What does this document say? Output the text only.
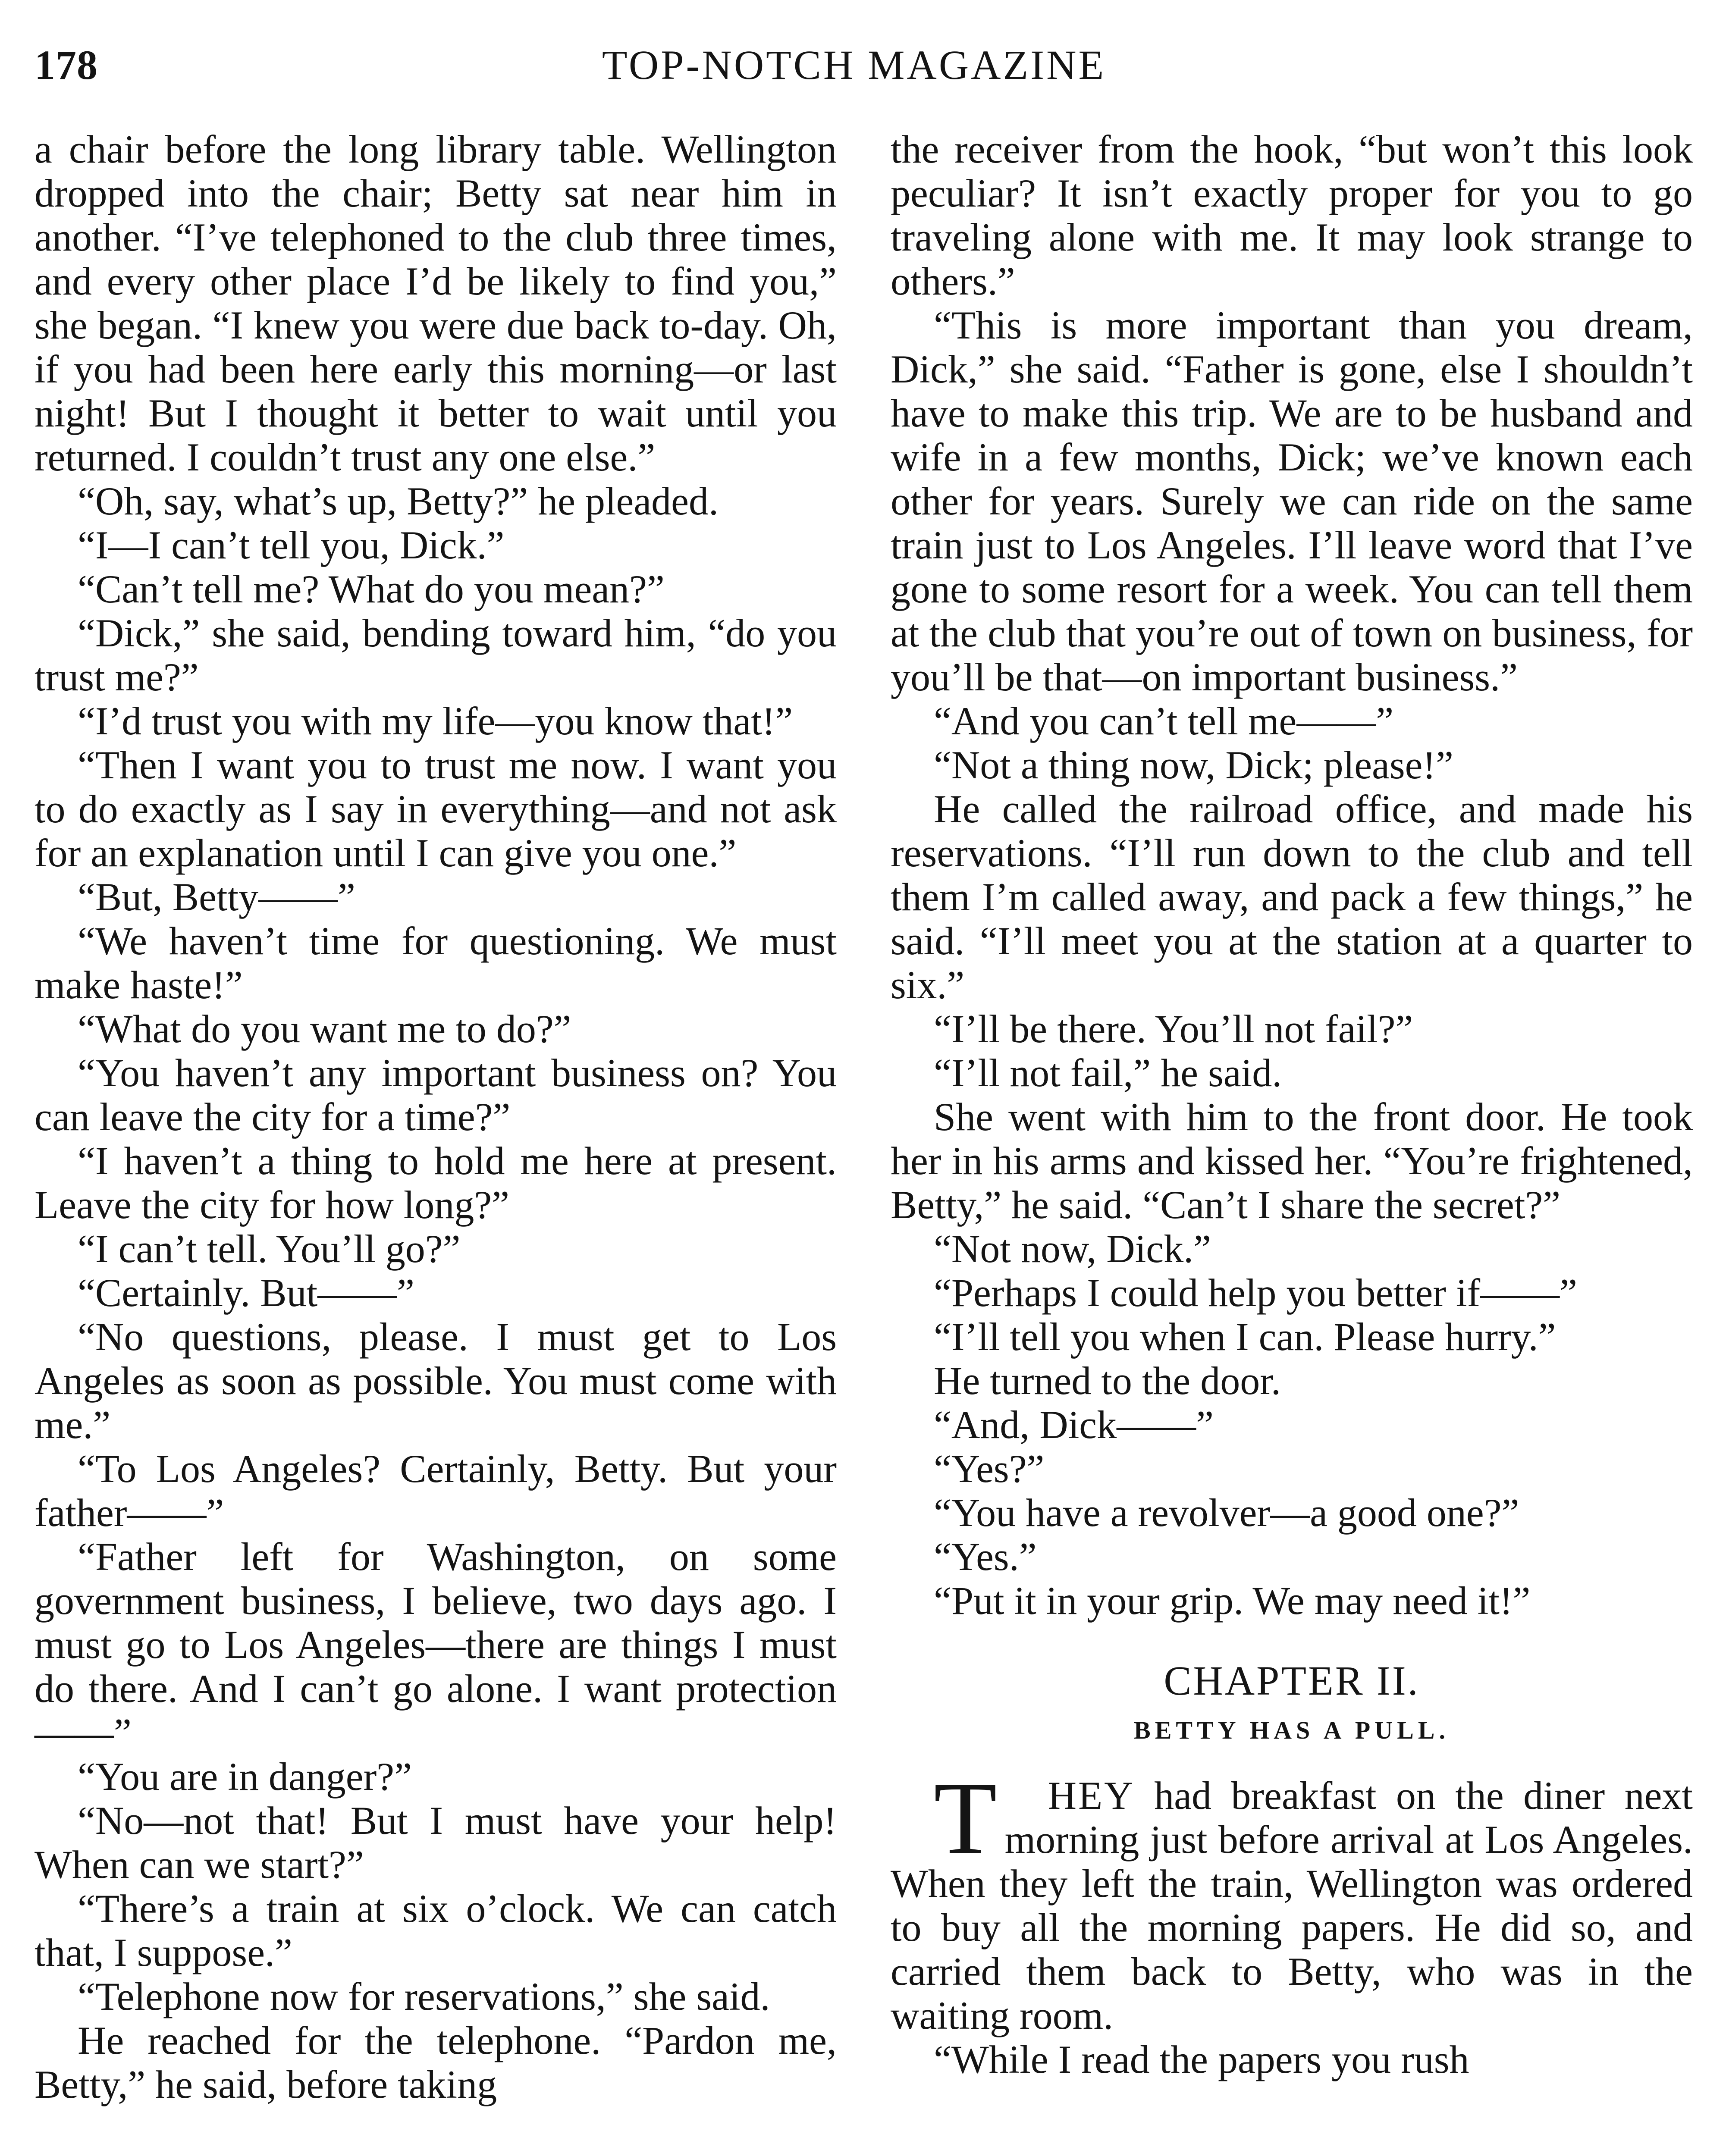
178	TOP-NOTCH MAGAZINE

a chair before the long library table. Wellington dropped into the chair; Betty sat near him in another. “I’ve telephoned to the club three times, and every other place I’d be likely to find you,” she began. “I knew you were due back to-day. Oh, if you had been here early this morning—or last night! But I thought it better to wait until you returned. I couldn’t trust any one else.”

“Oh, say, what’s up, Betty?” he pleaded.

“I—I can’t tell you, Dick.”

“Can’t tell me? What do you mean?”

“Dick,” she said, bending toward him, “do you trust me?”

“I’d trust you with my life—you know that!”

“Then I want you to trust me now. I want you to do exactly as I say in everything—and not ask for an explanation until I can give you one.”

“But, Betty——”

“We haven’t time for questioning. We must make haste!”

“What do you want me to do?”

“You haven’t any important business on? You can leave the city for a time?”

“I haven’t a thing to hold me here at present. Leave the city for how long?”

“I can’t tell. You’ll go?”

“Certainly. But——”

“No questions, please. I must get to Los Angeles as soon as possible. You must come with me.”

“To Los Angeles? Certainly, Betty. But your father——”

“Father left for Washington, on some government business, I believe, two days ago. I must go to Los Angeles—there are things I must do there. And I can’t go alone. I want protection——”

“You are in danger?”

“No—not that! But I must have your help! When can we start?”

“There’s a train at six o’clock. We can catch that, I suppose.”

“Telephone now for reservations,” she said.

He reached for the telephone. “Pardon me, Betty,” he said, before taking

the receiver from the hook, “but won’t this look peculiar? It isn’t exactly proper for you to go traveling alone with me. It may look strange to others.”

“This is more important than you dream, Dick,” she said. “Father is gone, else I shouldn’t have to make this trip. We are to be husband and wife in a few months, Dick; we’ve known each other for years. Surely we can ride on the same train just to Los Angeles. I’ll leave word that I’ve gone to some resort for a week. You can tell them at the club that you’re out of town on business, for you’ll be that—on important business.”

“And you can’t tell me——”

“Not a thing now, Dick; please!”

He called the railroad office, and made his reservations. “I’ll run down to the club and tell them I’m called away, and pack a few things,” he said. “I’ll meet you at the station at a quarter to six.”

“I’ll be there. You’ll not fail?”

“I’ll not fail,” he said.

She went with him to the front door. He took her in his arms and kissed her. “You’re frightened, Betty,” he said. “Can’t I share the secret?”

“Not now, Dick.”

“Perhaps I could help you better if——”

“I’ll tell you when I can. Please hurry.”

He turned to the door.

“And, Dick——”

“Yes?”

“You have a revolver—a good one?”

“Yes.”

“Put it in your grip. We may need it!”

CHAPTER II.
BETTY HAS A PULL.

T HEY had breakfast on the diner next morning just before arrival at Los Angeles. When they left the train, Wellington was ordered to buy all the morning papers. He did so, and carried them back to Betty, who was in the waiting room.

“While I read the papers you rush
